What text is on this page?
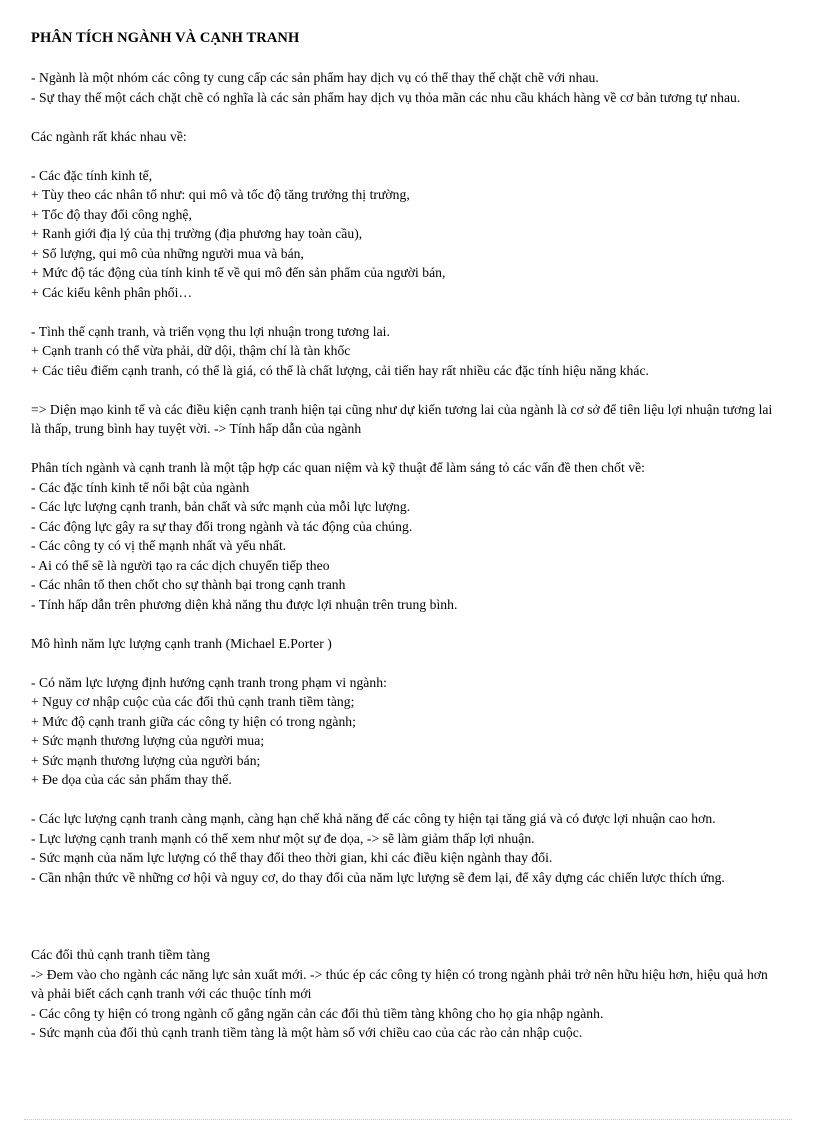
PHÂN TÍCH NGÀNH VÀ CẠNH TRANH
- Ngành là một nhóm các công ty cung cấp các sản phẩm hay dịch vụ có thể thay thế chặt chẽ với nhau.
- Sự thay thế một cách chặt chẽ có nghĩa là các sản phẩm hay dịch vụ thỏa mãn các nhu cầu khách hàng về cơ bản tương tự nhau.
Các ngành rất khác nhau về:
- Các đặc tính kinh tế,
+ Tùy theo các nhân tố như: qui mô và tốc độ tăng trưởng thị trường,
+ Tốc độ thay đổi công nghệ,
+ Ranh giới địa lý của thị trường (địa phương hay toàn cầu),
+ Số lượng, qui mô của những người mua và bán,
+ Mức độ tác động của tính kinh tế về qui mô đến sản phẩm của người bán,
+ Các kiểu kênh phân phối…
- Tình thế cạnh tranh, và triển vọng thu lợi nhuận trong tương lai.
+ Cạnh tranh có thể vừa phải, dữ dội, thậm chí là tàn khốc
+ Các tiêu điểm cạnh tranh, có thể là giá, có thể là chất lượng, cải tiến hay rất nhiều các đặc tính hiệu năng khác.
=> Diện mạo kinh tế và các điều kiện cạnh tranh hiện tại cũng như dự kiến tương lai của ngành là cơ sở để tiên liệu lợi nhuận tương lai là thấp, trung bình hay tuyệt vời. -> Tính hấp dẫn của ngành
Phân tích ngành và cạnh tranh là một tập hợp các quan niệm và kỹ thuật để làm sáng tỏ các vấn đề then chốt về:
- Các đặc tính kinh tế nổi bật của ngành
- Các lực lượng cạnh tranh, bản chất và sức mạnh của mỗi lực lượng.
- Các động lực gây ra sự thay đổi trong ngành và tác động của chúng.
- Các công ty có vị thế mạnh nhất và yếu nhất.
- Ai có thể sẽ là người tạo ra các dịch chuyển tiếp theo
- Các nhân tố then chốt cho sự thành bại trong cạnh tranh
- Tính hấp dẫn trên phương diện khả năng thu được lợi nhuận trên trung bình.
Mô hình năm lực lượng cạnh tranh (Michael E.Porter )
- Có năm lực lượng định hướng cạnh tranh trong phạm vi ngành:
+ Nguy cơ nhập cuộc của các đối thủ cạnh tranh tiềm tàng;
+ Mức độ cạnh tranh giữa các công ty hiện có trong ngành;
+ Sức mạnh thương lượng của người mua;
+ Sức mạnh thương lượng của người bán;
+ Đe dọa của các sản phẩm thay thế.
- Các lực lượng cạnh tranh càng mạnh, càng hạn chế khả năng để các công ty hiện tại tăng giá và có được lợi nhuận cao hơn.
- Lực lượng cạnh tranh mạnh có thể xem như một sự đe dọa, -> sẽ làm giảm thấp lợi nhuận.
- Sức mạnh của năm lực lượng có thể thay đổi theo thời gian, khi các điều kiện ngành thay đổi.
- Cần nhận thức về những cơ hội và nguy cơ, do thay đổi của năm lực lượng sẽ đem lại, để xây dựng các chiến lược thích ứng.
Các đối thủ cạnh tranh tiềm tàng
-> Đem vào cho ngành các năng lực sản xuất mới. -> thúc ép các công ty hiện có trong ngành phải trở nên hữu hiệu hơn, hiệu quả hơn và phải biết cách cạnh tranh với các thuộc tính mới
- Các công ty hiện có trong ngành cố gắng ngăn cản các đối thủ tiềm tàng không cho họ gia nhập ngành.
- Sức mạnh của đối thủ cạnh tranh tiềm tàng là một hàm số với chiều cao của các rào cản nhập cuộc.
